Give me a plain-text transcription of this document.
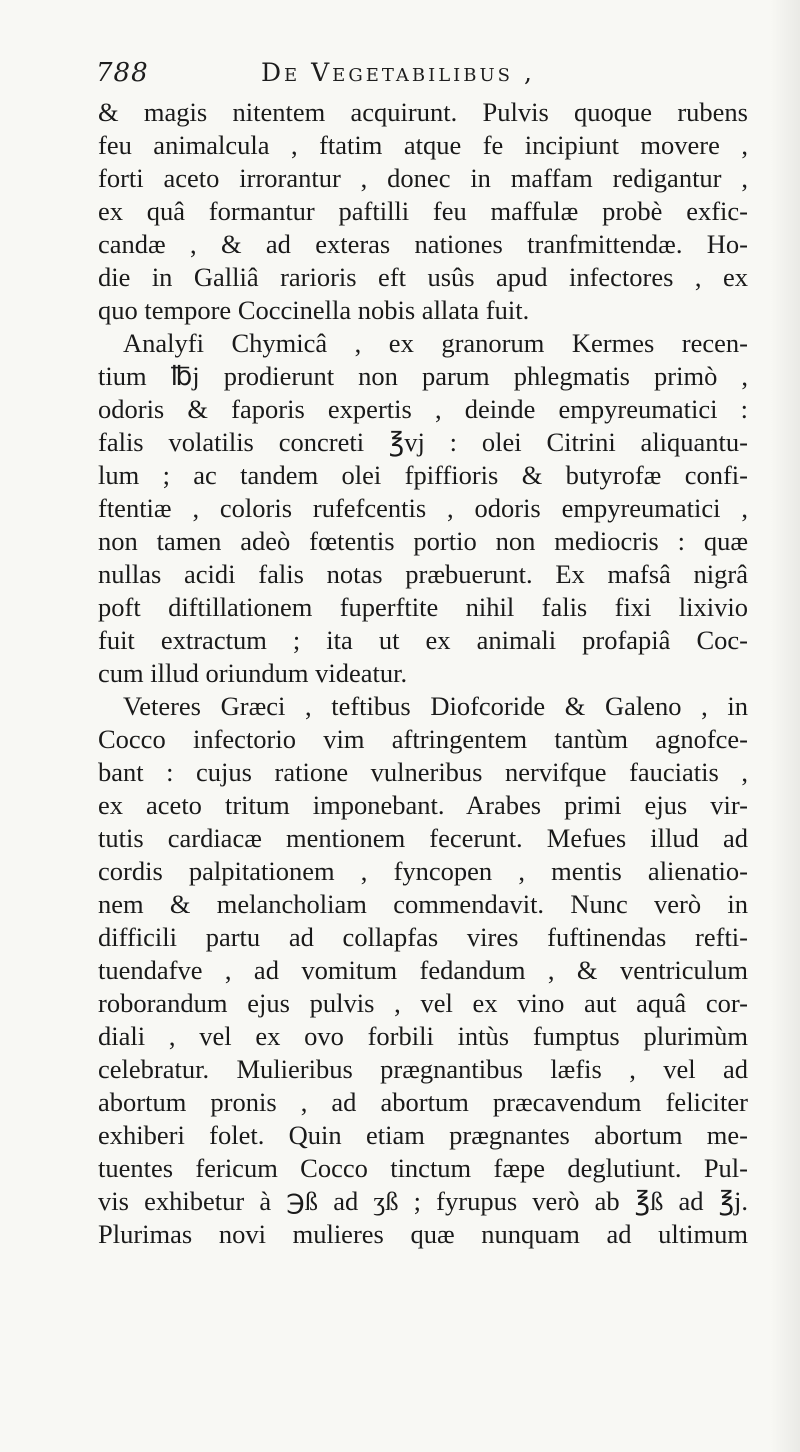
788	De Vegetabilibus ,
& magis nitentem acquirunt. Pulvis quoque rubens
feu animalcula , ftatim atque fe incipiunt movere ,
forti aceto irrorantur , donec in maffam redigantur ,
ex quâ formantur paftilli feu maffulæ probè exfic-
candæ , & ad exteras nationes tranfmittendæ. Ho-
die in Galliâ rarioris eft usûs apud infectores , ex
quo tempore Coccinella nobis allata fuit.
Analyfi Chymicâ , ex granorum Kermes recen-
tium ℔j prodierunt non parum phlegmatis primò ,
odoris & faporis expertis , deinde empyreumatici :
falis volatilis concreti ℥vj : olei Citrini aliquantu-
lum ; ac tandem olei fpiffioris & butyrofæ confi-
ftentiæ , coloris rufefcentis , odoris empyreumatici ,
non tamen adeò fœtentis portio non mediocris : quæ
nullas acidi falis notas præbuerunt. Ex mafsâ nigrâ
poft diftillationem fuperftite nihil falis fixi lixivio
fuit extractum ; ita ut ex animali profapiâ Coc-
cum illud oriundum videatur.
Veteres Græci , teftibus Diofcoride & Galeno , in
Cocco infectorio vim aftringentem tantùm agnofce-
bant : cujus ratione vulneribus nervifque fauciatis ,
ex aceto tritum imponebant. Arabes primi ejus vir-
tutis cardiacæ mentionem fecerunt. Mefues illud ad
cordis palpitationem , fyncopen , mentis alienatio-
nem & melancholiam commendavit. Nunc verò in
difficili partu ad collapfas vires fuftinendas refti-
tuendafve , ad vomitum fedandum , & ventriculum
roborandum ejus pulvis , vel ex vino aut aquâ cor-
diali , vel ex ovo forbili intùs fumptus plurimùm
celebratur. Mulieribus prægnantibus læfis , vel ad
abortum pronis , ad abortum præcavendum feliciter
exhiberi folet. Quin etiam prægnantes abortum me-
tuentes fericum Cocco tinctum fæpe deglutiunt. Pul-
vis exhibetur à ℈ß ad ʒß ; fyrupus verò ab ℥ß ad ℥j.
Plurimas novi mulieres quæ nunquam ad ultimum
